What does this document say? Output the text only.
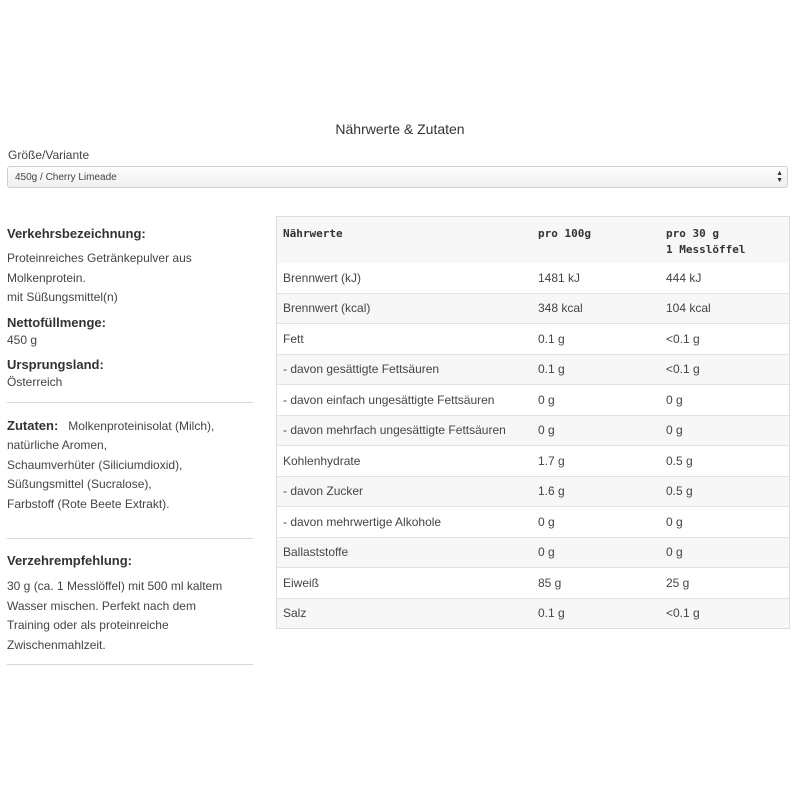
Nährwerte & Zutaten
Größe/Variante
450g / Cherry Limeade	▲
▼
Verkehrsbezeichnung:
Proteinreiches Getränkepulver aus
Molkenprotein.
mit Süßungsmittel(n)
Nettofüllmenge:
450 g
Ursprungsland:
Österreich
Zutaten: Molkenproteinisolat (Milch),
natürliche Aromen,
Schaumverhüter (Siliciumdioxid),
Süßungsmittel (Sucralose),
Farbstoff (Rote Beete Extrakt).
Verzehrempfehlung:
30 g (ca. 1 Messlöffel) mit 500 ml kaltem
Wasser mischen. Perfekt nach dem
Training oder als proteinreiche
Zwischenmahlzeit.
Nährwerte	pro 100g	pro 30 g
1 Messlöffel
Brennwert (kJ)	1481 kJ	444 kJ
Brennwert (kcal)	348 kcal	104 kcal
Fett	0.1 g	<0.1 g
- davon gesättigte Fettsäuren	0.1 g	<0.1 g
- davon einfach ungesättigte Fettsäuren	0 g	0 g
- davon mehrfach ungesättigte Fettsäuren	0 g	0 g
Kohlenhydrate	1.7 g	0.5 g
- davon Zucker	1.6 g	0.5 g
- davon mehrwertige Alkohole	0 g	0 g
Ballaststoffe	0 g	0 g
Eiweiß	85 g	25 g
Salz	0.1 g	<0.1 g
